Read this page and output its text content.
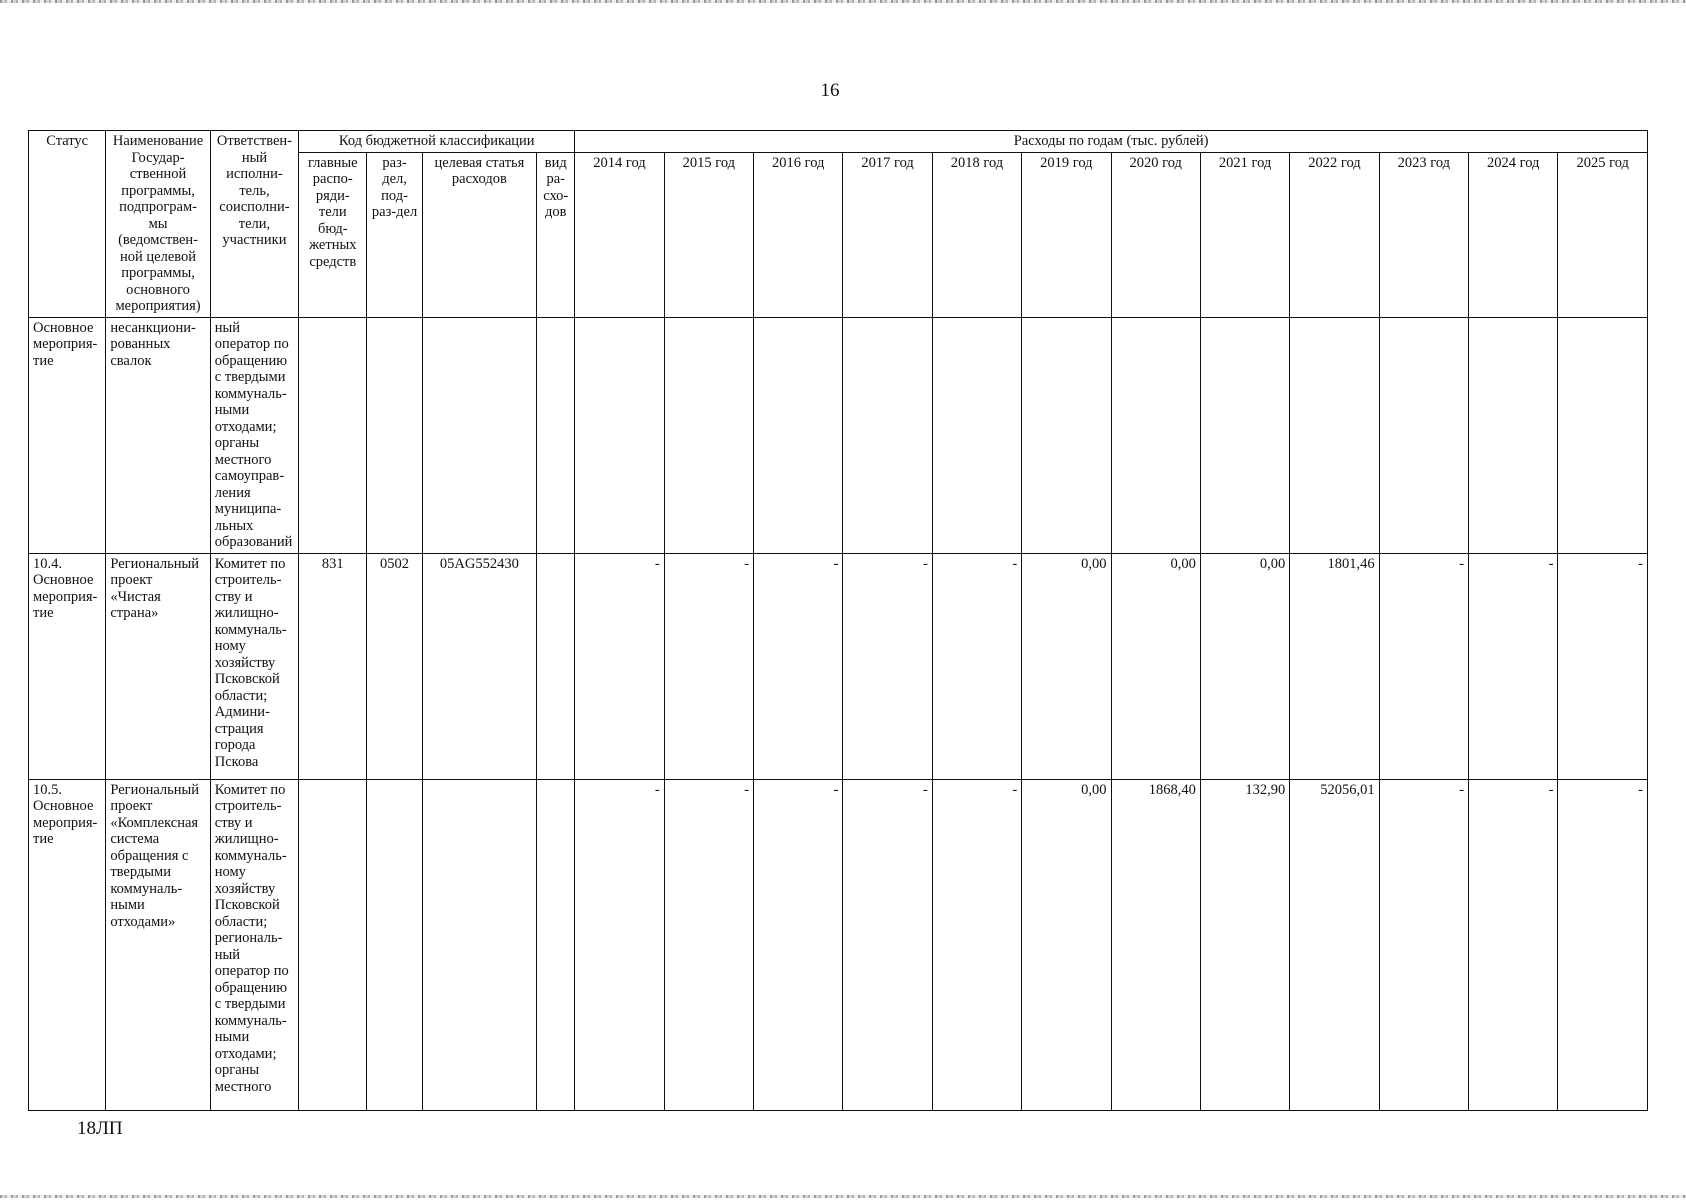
16
Статус	Наименование Государ-ственной программы, подпрограм-мы (ведомствен-ной целевой программы, основного мероприятия)	Ответствен-ный исполни-тель, соисполни-тели, участники	Код бюджетной классификации				Расходы по годам (тыс. рублей)											
			главные распо-ряди-тели бюд-жетных средств	раз-дел, под-раз-дел	целевая статья расходов	вид ра-схо-дов	2014 год	2015 год	2016 год	2017 год	2018 год	2019 год	2020 год	2021 год	2022 год	2023 год	2024 год	2025 год
Основное мероприя-тие	несанкциони-рованных свалок	ный оператор по обращению с твердыми коммуналь-ными отходами; органы местного самоуправ-ления муниципа-льных образований																
10.4. Основное мероприя-тие	Региональный проект «Чистая страна»	Комитет по строитель-ству и жилищно-коммуналь-ному хозяйству Псковской области; Админи-страция города Пскова	831	0502	05AG552430		-	-	-	-	-	0,00	0,00	0,00	1801,46	-	-	-
10.5. Основное мероприя-тие	Региональный проект «Комплексная система обращения с твердыми коммуналь-ными отходами»	Комитет по строитель-ству и жилищно-коммуналь-ному хозяйству Псковской области; региональ-ный оператор по обращению с твердыми коммуналь-ными отходами; органы местного					-	-	-	-	-	0,00	1868,40	132,90	52056,01	-	-	-
18ЛП
